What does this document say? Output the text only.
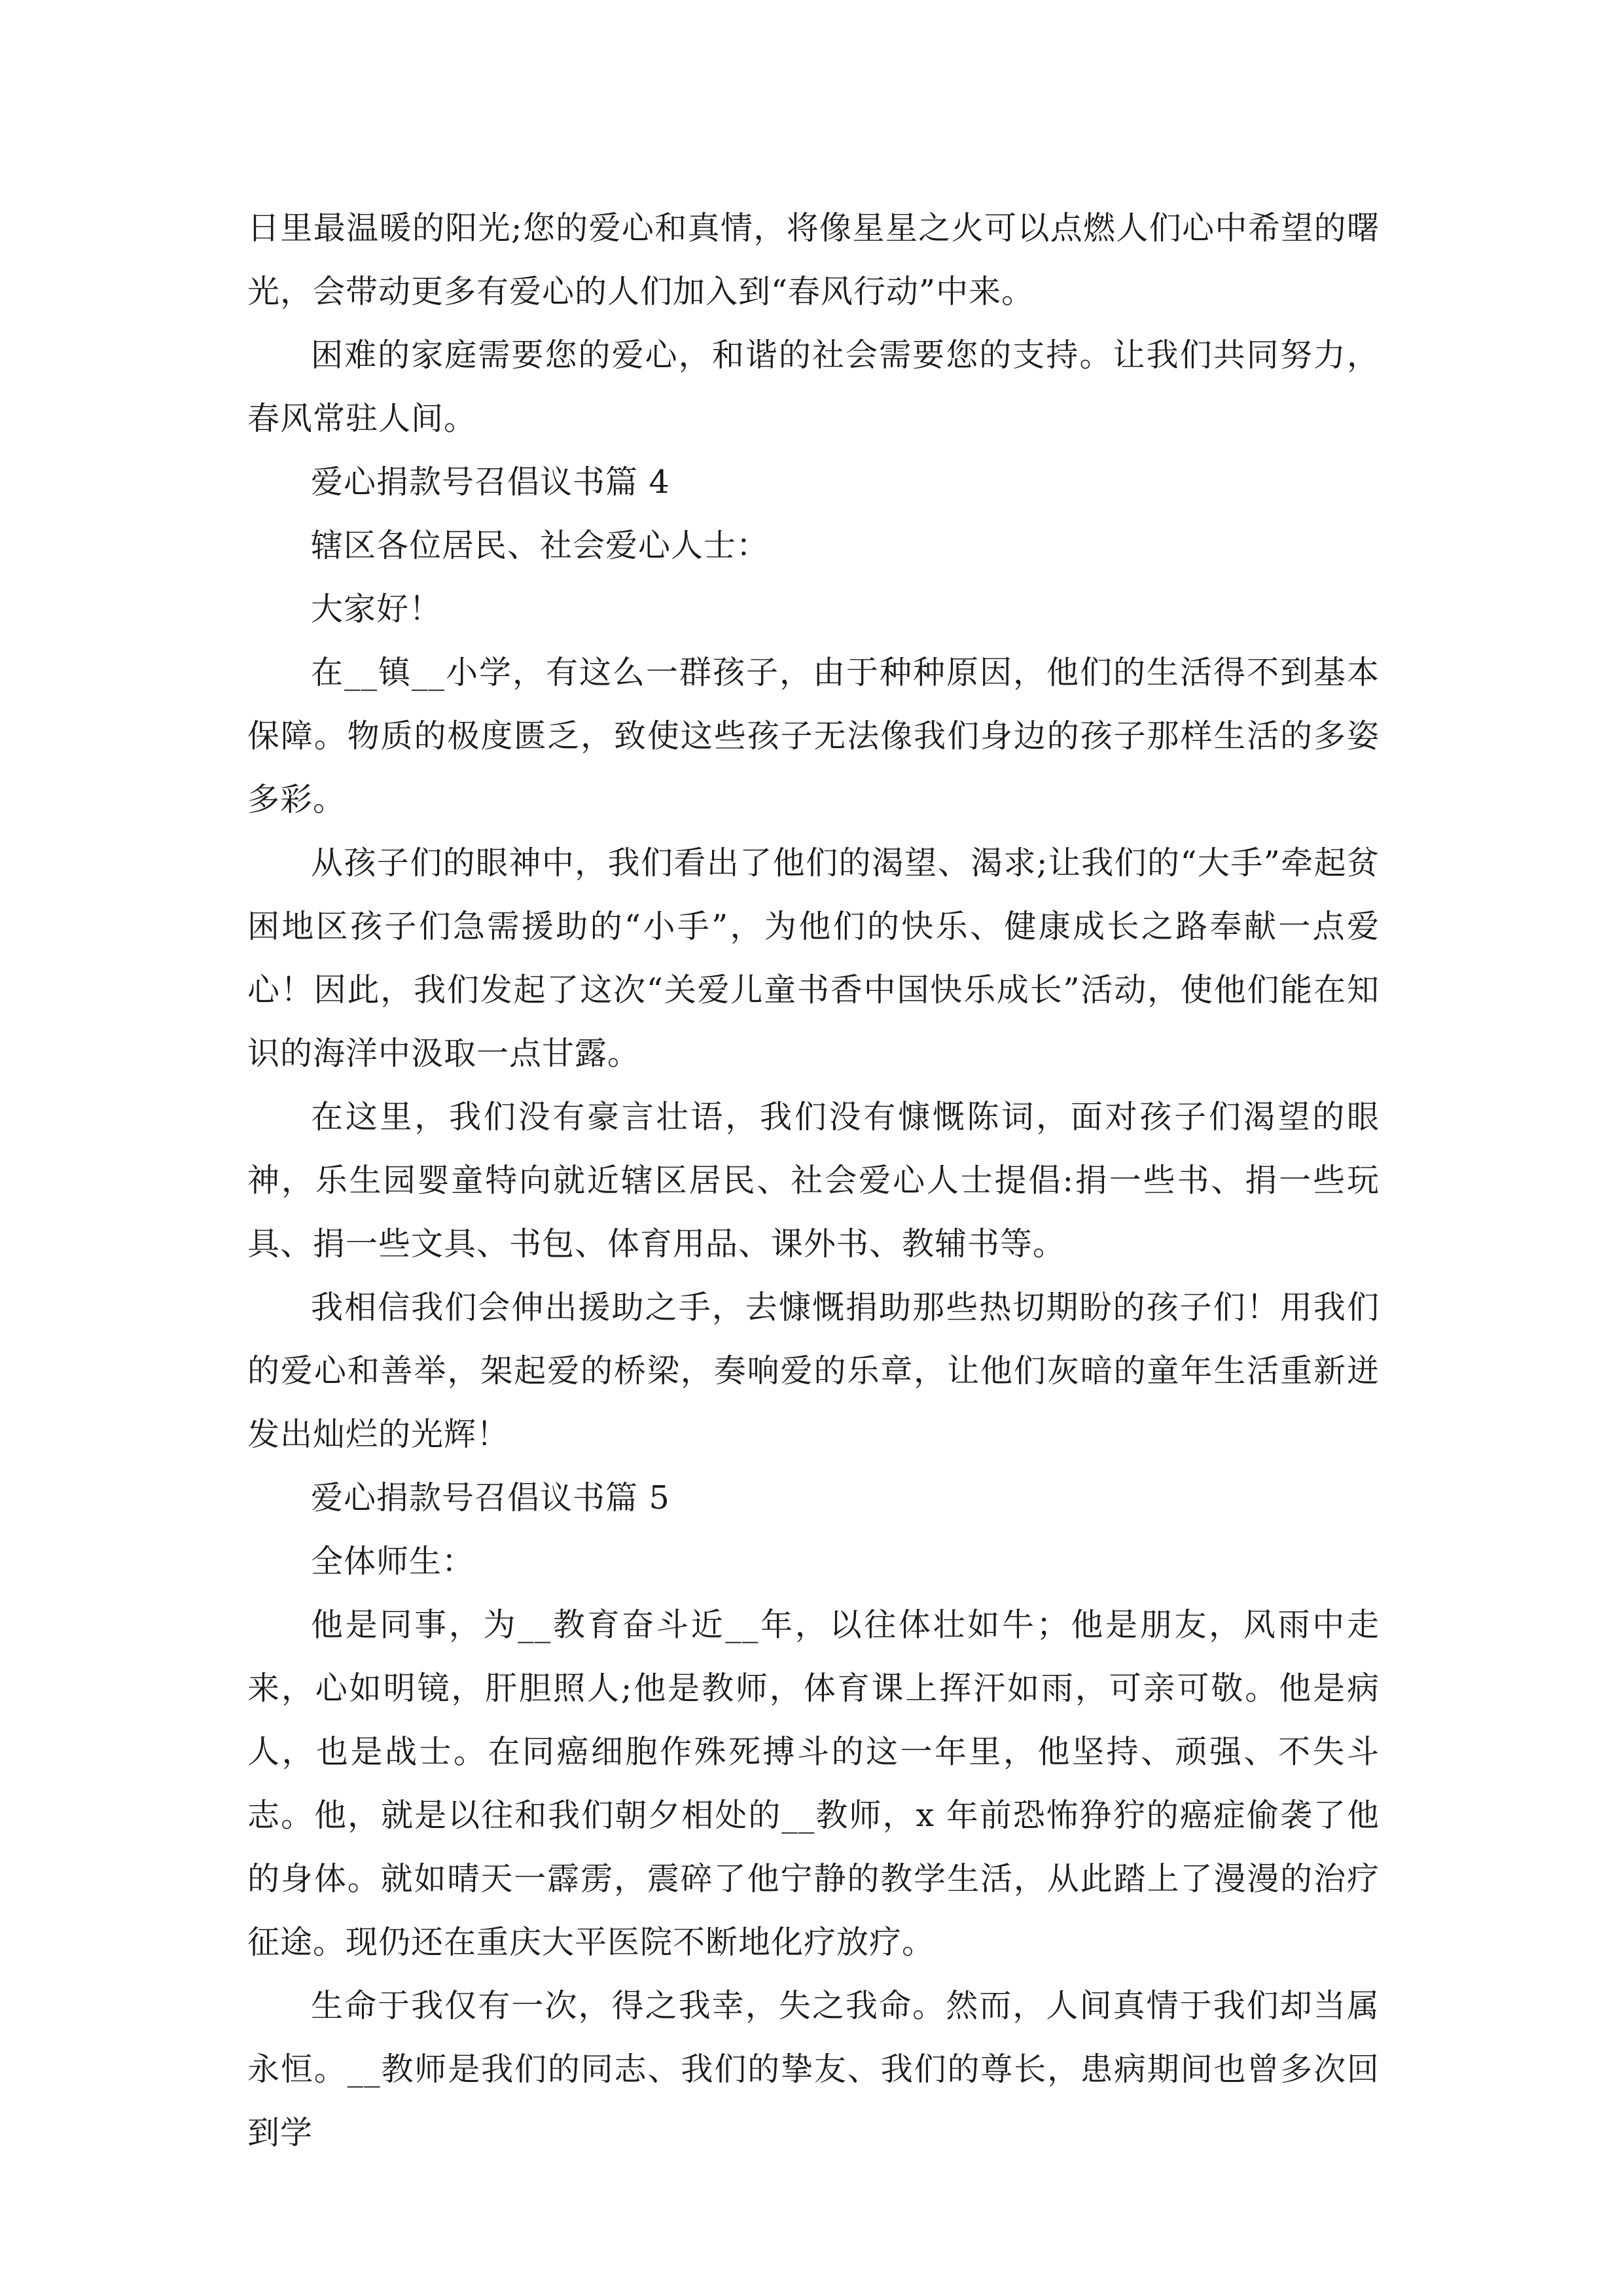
日里最温暖的阳光;您的爱心和真情，将像星星之火可以点燃人们心中希望的曙光，会带动更多有爱心的人们加入到“春风行动”中来。

困难的家庭需要您的爱心，和谐的社会需要您的支持。让我们共同努力，春风常驻人间。

爱心捐款号召倡议书篇 4

辖区各位居民、社会爱心人士：

大家好！

在__镇__小学，有这么一群孩子，由于种种原因，他们的生活得不到基本保障。物质的极度匮乏，致使这些孩子无法像我们身边的孩子那样生活的多姿多彩。

从孩子们的眼神中，我们看出了他们的渴望、渴求;让我们的“大手”牵起贫困地区孩子们急需援助的“小手”，为他们的快乐、健康成长之路奉献一点爱心！因此，我们发起了这次“关爱儿童书香中国快乐成长”活动，使他们能在知识的海洋中汲取一点甘露。

在这里，我们没有豪言壮语，我们没有慷慨陈词，面对孩子们渴望的眼神，乐生园婴童特向就近辖区居民、社会爱心人士提倡:捐一些书、捐一些玩具、捐一些文具、书包、体育用品、课外书、教辅书等。

我相信我们会伸出援助之手，去慷慨捐助那些热切期盼的孩子们！用我们的爱心和善举，架起爱的桥梁，奏响爱的乐章，让他们灰暗的童年生活重新迸发出灿烂的光辉！

爱心捐款号召倡议书篇 5

全体师生：

他是同事，为__教育奋斗近__年，以往体壮如牛；他是朋友，风雨中走来，心如明镜，肝胆照人;他是教师，体育课上挥汗如雨，可亲可敬。他是病人，也是战士。在同癌细胞作殊死搏斗的这一年里，他坚持、顽强、不失斗志。他，就是以往和我们朝夕相处的__教师，x 年前恐怖狰狞的癌症偷袭了他的身体。就如晴天一霹雳，震碎了他宁静的教学生活，从此踏上了漫漫的治疗征途。现仍还在重庆大平医院不断地化疗放疗。

生命于我仅有一次，得之我幸，失之我命。然而，人间真情于我们却当属永恒。__教师是我们的同志、我们的挚友、我们的尊长，患病期间也曾多次回到学
